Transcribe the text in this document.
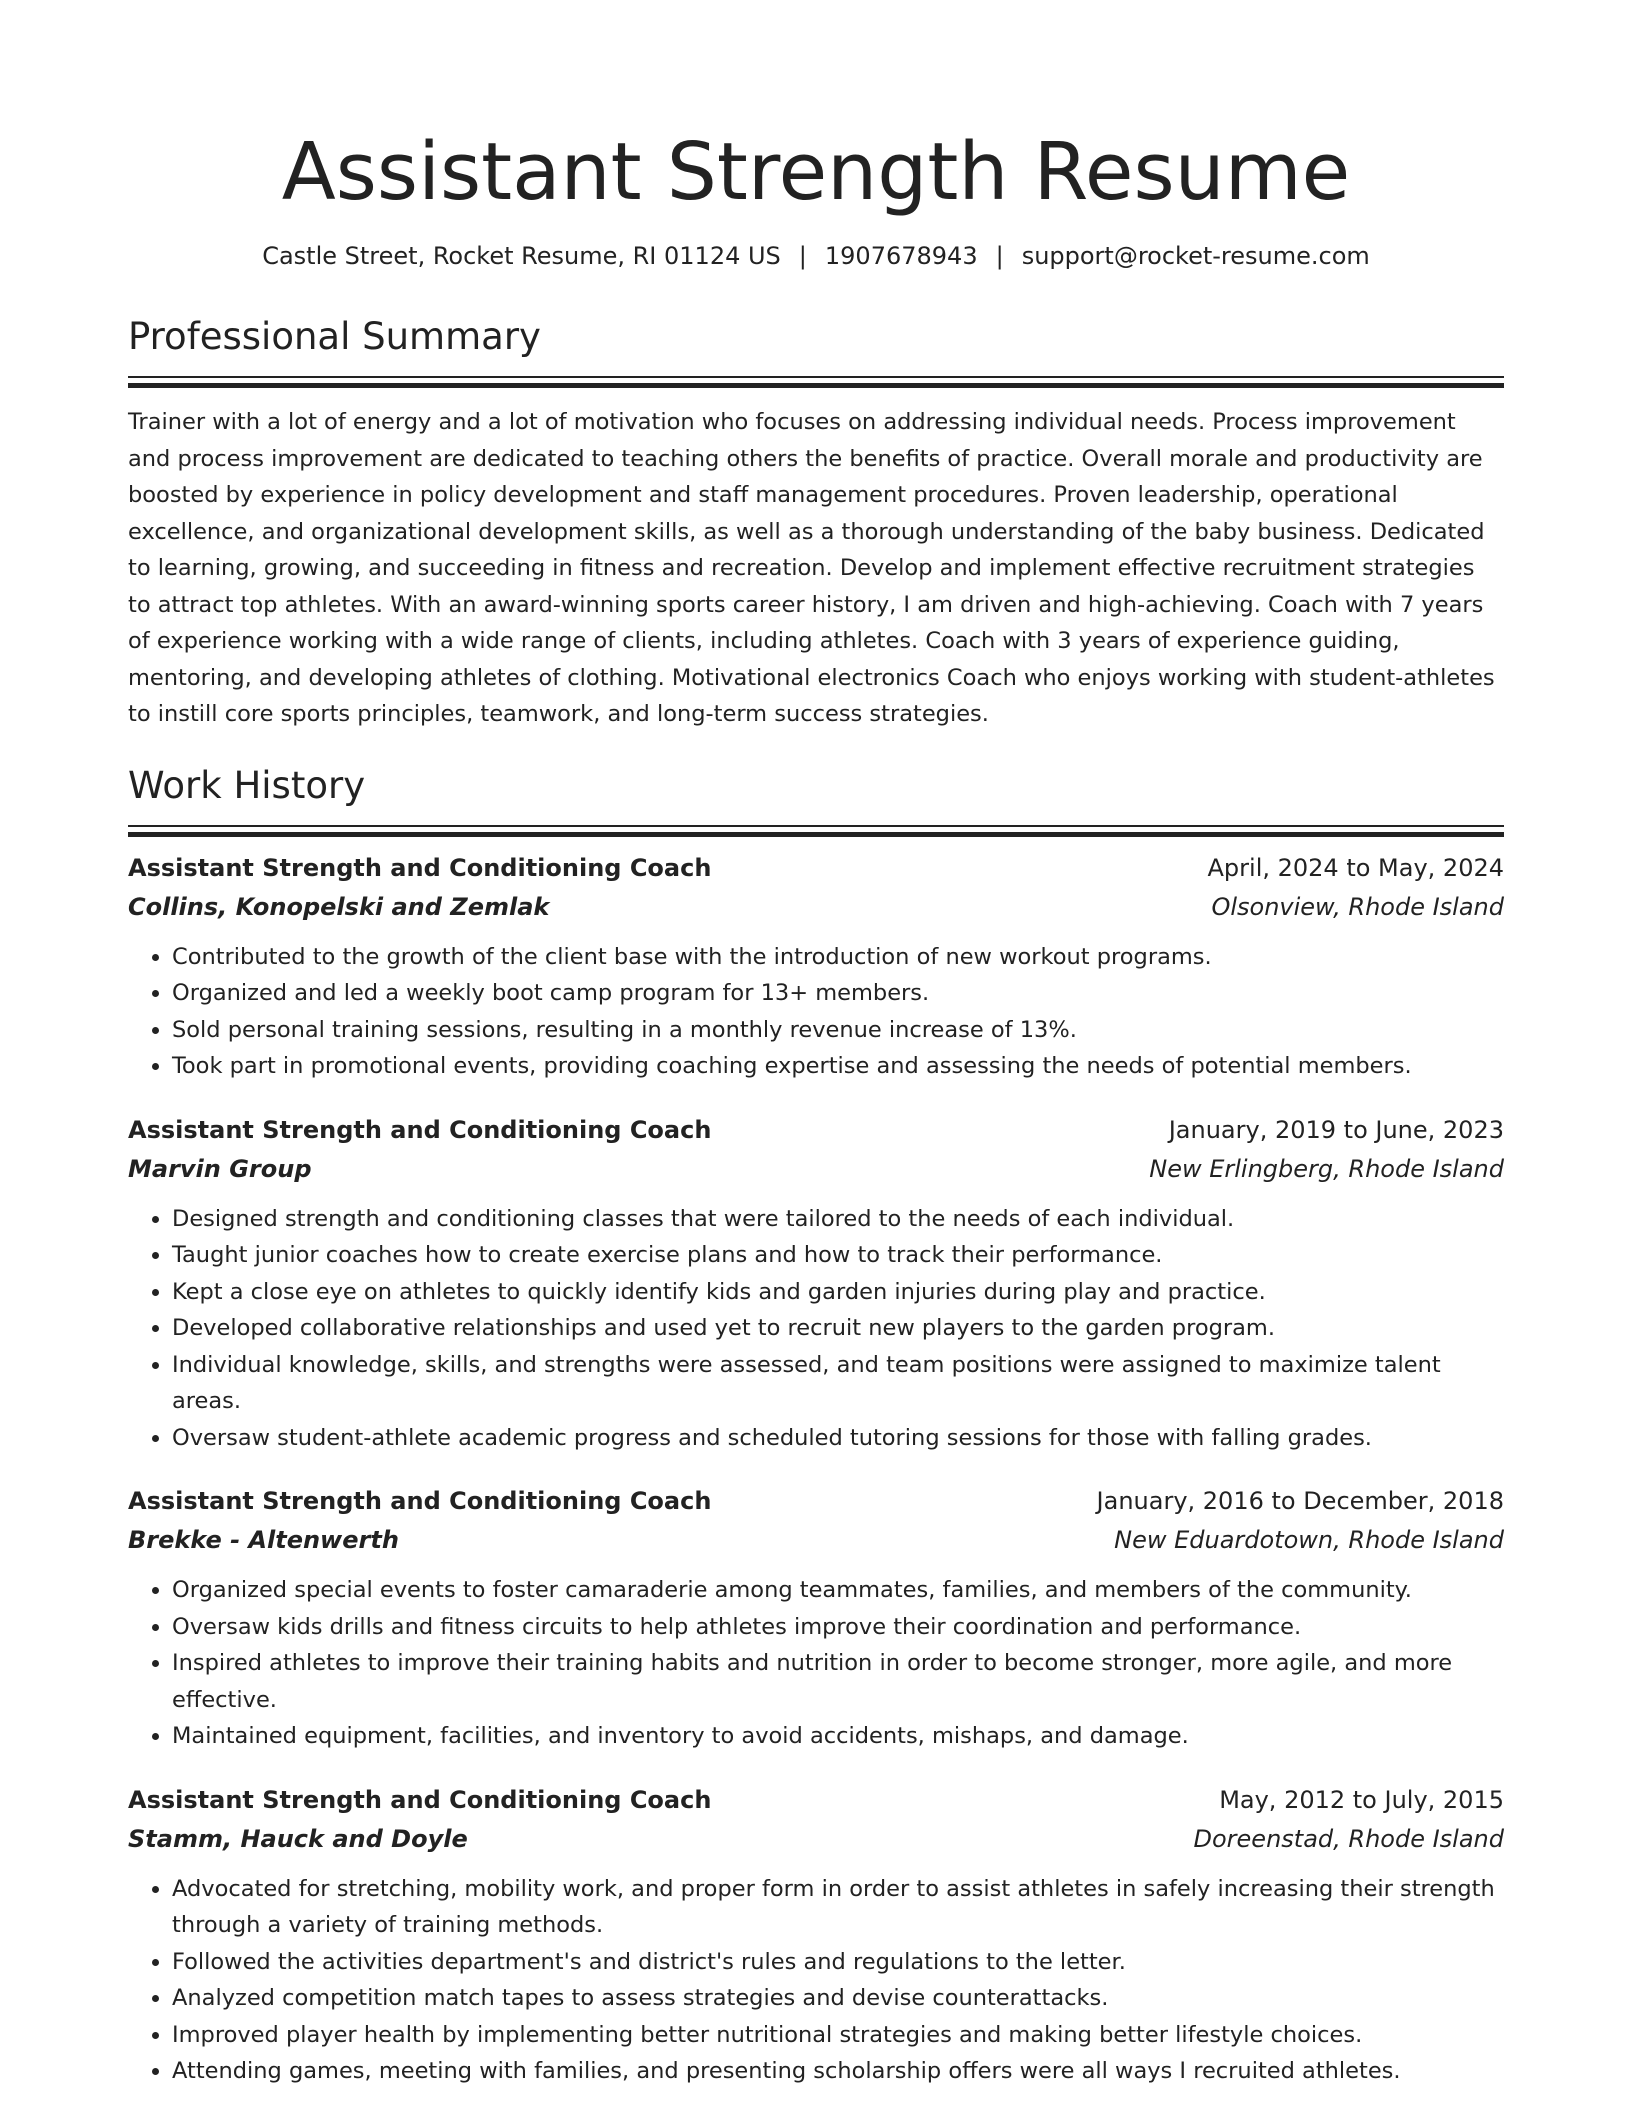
Assistant Strength Resume
Castle Street, Rocket Resume, RI 01124 US | 1907678943 | support@rocket-resume.com
Professional Summary
Trainer with a lot of energy and a lot of motivation who focuses on addressing individual needs. Process improvement and process improvement are dedicated to teaching others the benefits of practice. Overall morale and productivity are boosted by experience in policy development and staff management procedures. Proven leadership, operational excellence, and organizational development skills, as well as a thorough understanding of the baby business. Dedicated to learning, growing, and succeeding in fitness and recreation. Develop and implement effective recruitment strategies to attract top athletes. With an award-winning sports career history, I am driven and high-achieving. Coach with 7 years of experience working with a wide range of clients, including athletes. Coach with 3 years of experience guiding, mentoring, and developing athletes of clothing. Motivational electronics Coach who enjoys working with student-athletes to instill core sports principles, teamwork, and long-term success strategies.
Work History
Assistant Strength and Conditioning Coach	April, 2024 to May, 2024
Collins, Konopelski and Zemlak	Olsonview, Rhode Island
• Contributed to the growth of the client base with the introduction of new workout programs.
• Organized and led a weekly boot camp program for 13+ members.
• Sold personal training sessions, resulting in a monthly revenue increase of 13%.
• Took part in promotional events, providing coaching expertise and assessing the needs of potential members.
Assistant Strength and Conditioning Coach	January, 2019 to June, 2023
Marvin Group	New Erlingberg, Rhode Island
• Designed strength and conditioning classes that were tailored to the needs of each individual.
• Taught junior coaches how to create exercise plans and how to track their performance.
• Kept a close eye on athletes to quickly identify kids and garden injuries during play and practice.
• Developed collaborative relationships and used yet to recruit new players to the garden program.
• Individual knowledge, skills, and strengths were assessed, and team positions were assigned to maximize talent areas.
• Oversaw student-athlete academic progress and scheduled tutoring sessions for those with falling grades.
Assistant Strength and Conditioning Coach	January, 2016 to December, 2018
Brekke - Altenwerth	New Eduardotown, Rhode Island
• Organized special events to foster camaraderie among teammates, families, and members of the community.
• Oversaw kids drills and fitness circuits to help athletes improve their coordination and performance.
• Inspired athletes to improve their training habits and nutrition in order to become stronger, more agile, and more effective.
• Maintained equipment, facilities, and inventory to avoid accidents, mishaps, and damage.
Assistant Strength and Conditioning Coach	May, 2012 to July, 2015
Stamm, Hauck and Doyle	Doreenstad, Rhode Island
• Advocated for stretching, mobility work, and proper form in order to assist athletes in safely increasing their strength through a variety of training methods.
• Followed the activities department's and district's rules and regulations to the letter.
• Analyzed competition match tapes to assess strategies and devise counterattacks.
• Improved player health by implementing better nutritional strategies and making better lifestyle choices.
• Attending games, meeting with families, and presenting scholarship offers were all ways I recruited athletes.
